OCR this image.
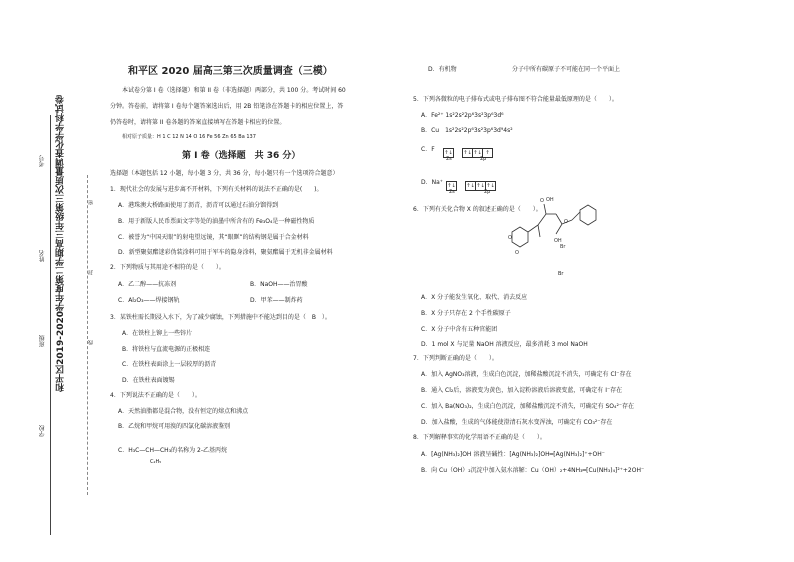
和平区2019-2020学年度第二学期高三年级第三次质量调查化学学科试卷
学校
班级
姓名
考号
密
封
线
和平区 2020 届高三第三次质量调查（三模）
本试卷分第 I 卷（选择题）和第 II 卷（非选择题）两部分，共 100 分。考试时间 60
分钟。答卷前，请将第 I 卷每个题答案选出后，用 2B 铅笔涂在答题卡的相应位置上，答
仍答卷时，请将第 II 卷各题的答案直接填写在答题卡相应的位置。
相对原子质量：H 1 C 12 N 14 O 16 Fe 56 Zn 65 Ba 137
第 I 卷（选择题　共 36 分）
选择题（本题包括 12 小题，每小题 3 分，共 36 分，每小题只有一个选项符合题意）
1．现代社会的发展与进步离不开材料，下列有关材料的说法不正确的是(　　)。
A．港珠澳大桥路面使用了沥青，沥青可以通过石油分馏得到
B．用于新版人民币票面文字等处的油墨中所含有的 Fe₃O₄是一种磁性物质
C．被誉为“中国天眼”的射电望远镜，其“眼眶”的结构钢是属于合金材料
D．新型聚氨酯迷彩伪装涂料可用于军车的隐身涂料，聚氨酯属于无机非金属材料
2．下列物质与其用途不相符的是（　　）。
A．乙二醇——抗冻剂	B．NaOH——治胃酸
C．Al₂O₃——焊接钢轨	D．甲苯——制炸药
3．某铁柱需长期浸入水下，为了减少腐蚀，下列措施中不能达到目的是（　B　）。
A．在铁柱上铆上一些锌片
B．将铁柱与直流电源的正极相连
C．在铁柱表面涂上一层较厚的沥青
D．在铁柱表面镀锡
4．下列说法不正确的是（　　）。
A．天然油脂都是混合物，没有恒定的熔点和沸点
B．乙烷和甲烷可用溴的四氯化碳溶液鉴别
C．H₃C—CH—CH₃的名称为 2-乙基丙烷
C₂H₅
D．有机物	分子中所有碳原子不可能在同一个平面上
5．下列各微粒的电子排布式或电子排布图不符合能量最低原理的是（　　）。
A．Fe²⁺ 1s²2s²2p⁶3s²3p⁶3d⁶
B．Cu　1s²2s²2p⁶3s²3p⁶3d⁹4s²
C．F ↑↓ ↑↓ ↑↓ ↑
2s	2p
D．Na⁺ ↑↓ ↑↓ ↑↓ ↑↓
2s	2p
6．下列有关化合物 X 的叙述正确的是（　　）。
O OH
O
O
O
OH
Br
Br
A．X 分子能发生氧化、取代、消去反应
B．X 分子只存在 2 个手性碳原子
C．X 分子中含有五种官能团
D．1 mol X 与足量 NaOH 溶液反应，最多消耗 3 mol NaOH
7．下列判断正确的是（　　）。
A．加入 AgNO₃溶液，生成白色沉淀，加稀盐酸沉淀不消失，可确定有 Cl⁻存在
B．通入 Cl₂后，溶液变为黄色，加入淀粉溶液后溶液变蓝，可确定有 I⁻存在
C．加入 Ba(NO₃)₂，生成白色沉淀，加稀盐酸沉淀不消失，可确定有 SO₄²⁻存在
D．加入盐酸，生成的气体能使澄清石灰水变浑浊，可确定有 CO₃²⁻存在
8．下列解释事实的化学用语不正确的是（　　）。
A．[Ag(NH₃)₂]OH 溶液呈碱性：[Ag(NH₃)₂]OH═[Ag(NH₃)₂]⁺+OH⁻
B．向 Cu（OH）₂沉淀中加入氨水溶解：Cu（OH）₂+4NH₃═[Cu(NH₃)₄]²⁺+2OH⁻
